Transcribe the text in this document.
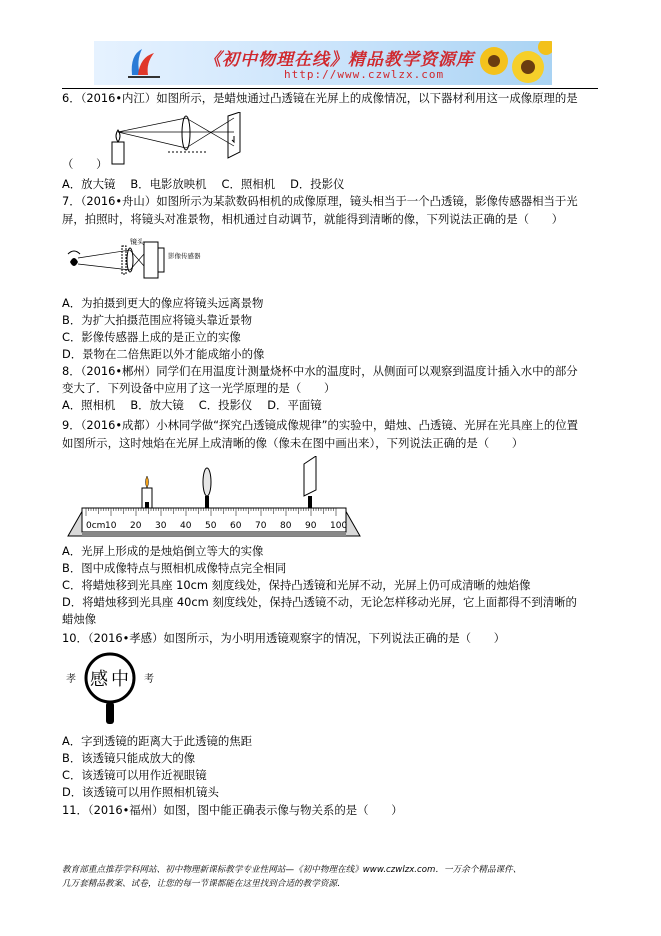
《初中物理在线》精品教学资源库
http://www.czwlzx.com
6．（2016•内江）如图所示，是蜡烛通过凸透镜在光屏上的成像情况，以下器材利用这一成像原理的是
（　　）
A．放大镜　 B．电影放映机　 C．照相机　 D．投影仪
7．（2016•舟山）如图所示为某款数码相机的成像原理，镜头相当于一个凸透镜，影像传感器相当于光
屏，拍照时，将镜头对准景物，相机通过自动调节，就能得到清晰的像，下列说法正确的是（　　）
镜头
影像传感器
A．为拍摄到更大的像应将镜头远离景物
B．为扩大拍摄范围应将镜头靠近景物
C．影像传感器上成的是正立的实像
D．景物在二倍焦距以外才能成缩小的像
8．（2016•郴州）同学们在用温度计测量烧杯中水的温度时，从侧面可以观察到温度计插入水中的部分
变大了．下列设备中应用了这一光学原理的是（　　）
A．照相机　 B．放大镜　 C．投影仪　 D．平面镜
9．（2016•成都）小林同学做“探究凸透镜成像规律”的实验中，蜡烛、凸透镜、光屏在光具座上的位置
如图所示，这时烛焰在光屏上成清晰的像（像未在图中画出来），下列说法正确的是（　　）
0cm 10 20 30 40 50 60 70 80 90 100
A．光屏上形成的是烛焰倒立等大的实像
B．图中成像特点与照相机成像特点完全相同
C．将蜡烛移到光具座 10cm 刻度线处，保持凸透镜和光屏不动，光屏上仍可成清晰的烛焰像
D．将蜡烛移到光具座 40cm 刻度线处，保持凸透镜不动，无论怎样移动光屏，它上面都得不到清晰的
蜡烛像
10．（2016•孝感）如图所示，为小明用透镜观察字的情况，下列说法正确的是（　　）
孝 感 中 考
A．字到透镜的距离大于此透镜的焦距
B．该透镜只能成放大的像
C．该透镜可以用作近视眼镜
D．该透镜可以用作照相机镜头
11．（2016•福州）如图，图中能正确表示像与物关系的是（　　）
教育部重点推荐学科网站、初中物理新课标教学专业性网站—《初中物理在线》www.czwlzx.com．一万余个精品课件、
几万套精品教案、试卷，让您的每一节课都能在这里找到合适的教学资源．
